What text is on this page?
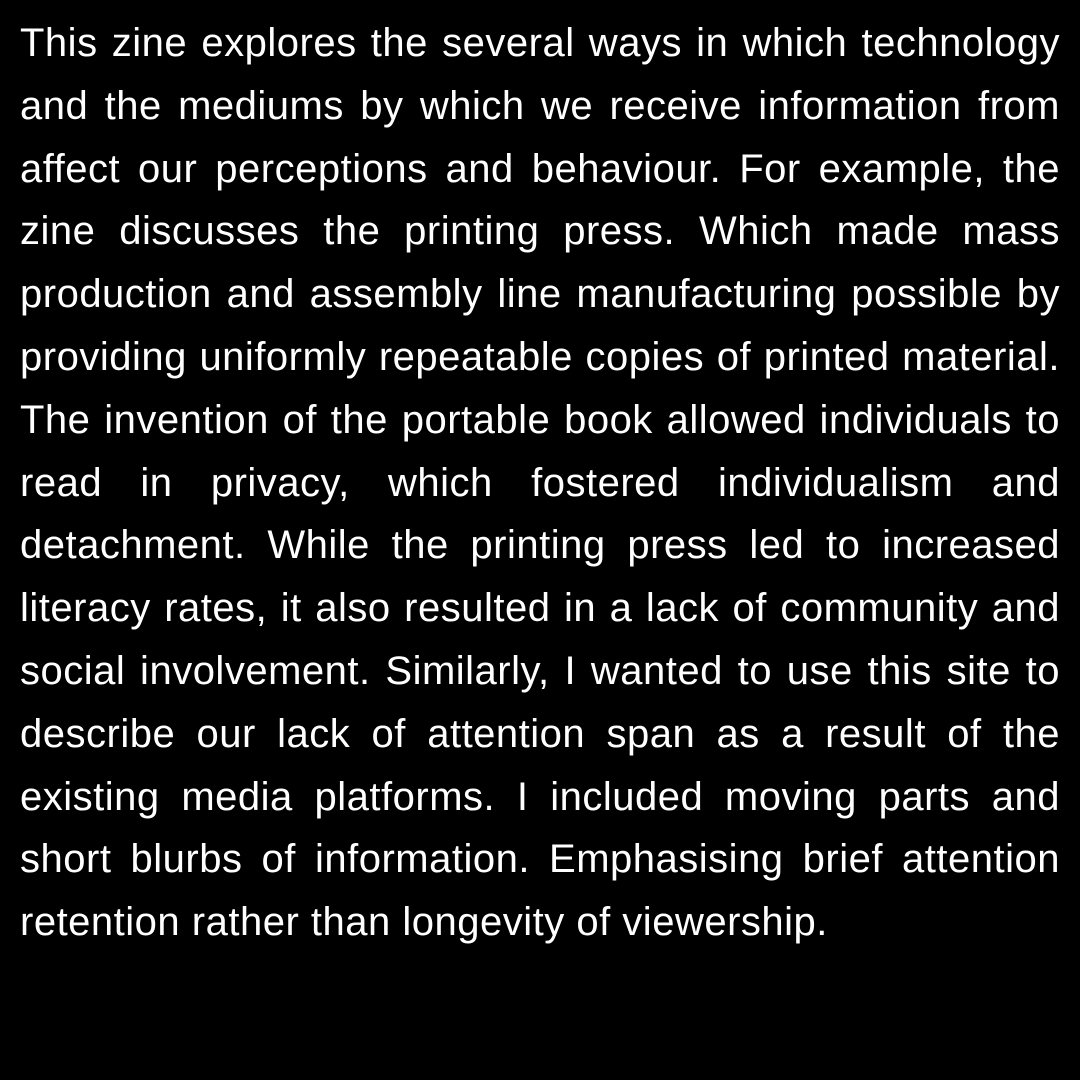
This zine explores the several ways in which technology and the mediums by which we receive information from affect our perceptions and behaviour. For example, the zine discusses the printing press. Which made mass production and assembly line manufacturing possible by providing uniformly repeatable copies of printed material. The invention of the portable book allowed individuals to read in privacy, which fostered individualism and detachment. While the printing press led to increased literacy rates, it also resulted in a lack of community and social involvement. Similarly, I wanted to use this site to describe our lack of attention span as a result of the existing media platforms. I included moving parts and short blurbs of information. Emphasising brief attention retention rather than longevity of viewership.
